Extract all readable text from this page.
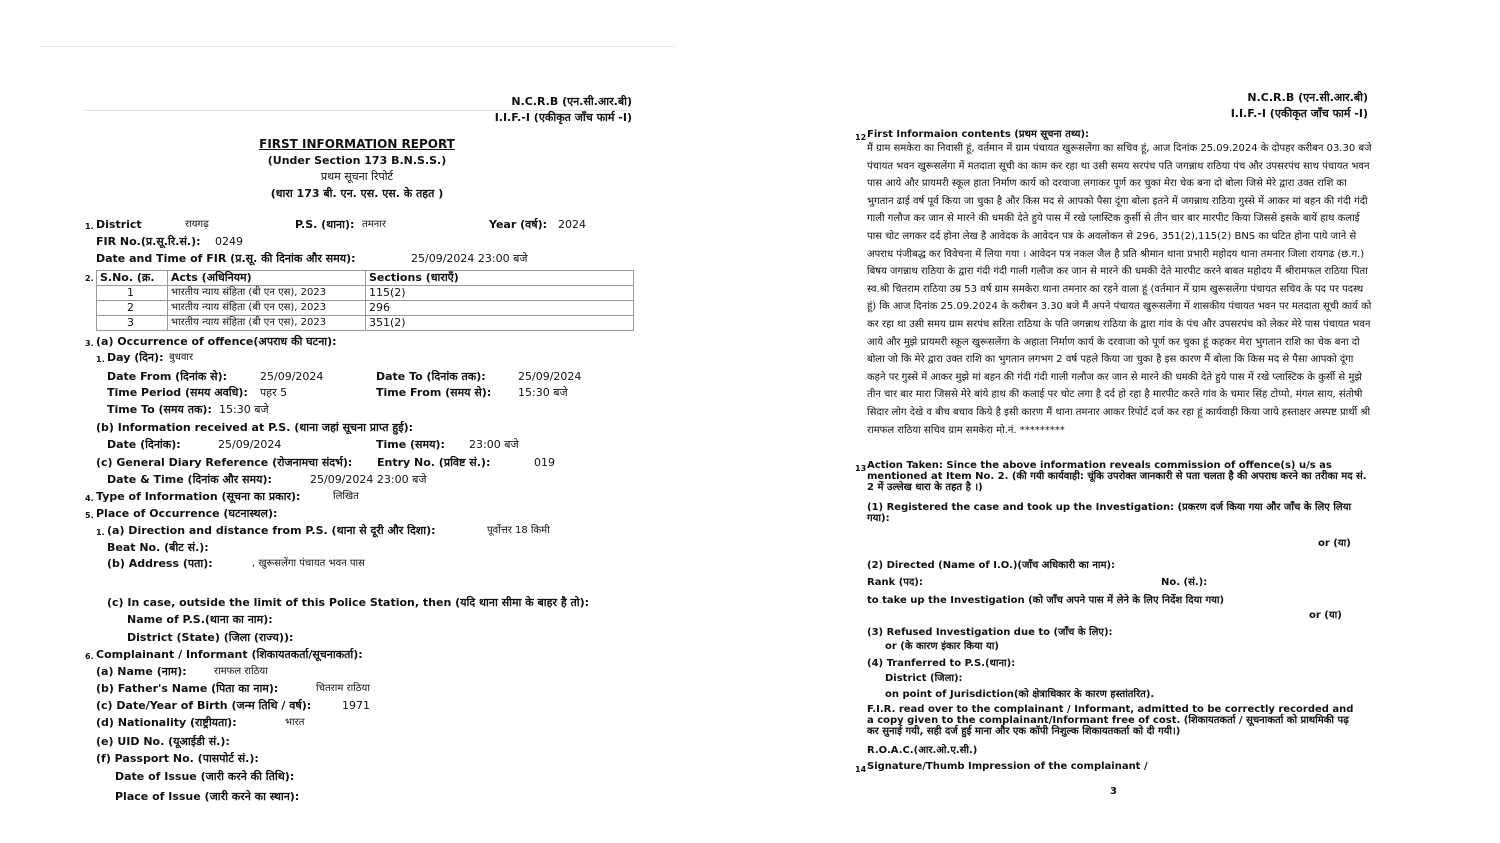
N.C.R.B (एन.सी.आर.बी)
I.I.F.-I (एकीकृत जाँच फार्म -I)
FIRST INFORMATION REPORT
(Under Section 173 B.N.S.S.)
प्रथम सूचना रिपोर्ट
(धारा 173 बी. एन. एस. एस. के तहत )
1. District	रायगढ़	P.S. (थाना): तमनार	Year (वर्ष): 2024
FIR No.(प्र.सू.रि.सं.): 0249
Date and Time of FIR (प्र.सू. की दिनांक और समय):	25/09/2024 23:00 बजे
2. S.No. (क्र.	Acts (अधिनियम)	Sections (धाराएँ)
1	भारतीय न्याय संहिता (बी एन एस), 2023	115(2)
2	भारतीय न्याय संहिता (बी एन एस), 2023	296
3	भारतीय न्याय संहिता (बी एन एस), 2023	351(2)
3. (a) Occurrence of offence(अपराध की घटना):
1. Day (दिन): बुधवार
Date From (दिनांक से):	25/09/2024	Date To (दिनांक तक):	25/09/2024
Time Period (समय अवधि): पहर 5	Time From (समय से): 15:30 बजे
Time To (समय तक): 15:30 बजे
(b) Information received at P.S. (थाना जहां सूचना प्राप्त हुई):
Date (दिनांक):	25/09/2024	Time (समय): 23:00 बजे
(c) General Diary Reference (रोजनामचा संदर्भ): Entry No. (प्रविष्ट सं.):	019
Date & Time (दिनांक और समय):	25/09/2024 23:00 बजे
4. Type of Information (सूचना का प्रकार):	लिखित
5. Place of Occurrence (घटनास्थल):
1. (a) Direction and distance from P.S. (थाना से दूरी और दिशा):	पूर्वोत्तर 18 किमी
Beat No. (बीट सं.):
(b) Address (पता):	, खुरूसलेंगा पंचायत भवन पास
(c) In case, outside the limit of this Police Station, then (यदि थाना सीमा के बाहर है तो):
Name of P.S.(थाना का नाम):
District (State) (जिला (राज्य)):
6. Complainant / Informant (शिकायतकर्ता/सूचनाकर्ता):
(a) Name (नाम):	रामफल राठिया
(b) Father's Name (पिता का नाम):	चितराम राठिया
(c) Date/Year of Birth (जन्म तिथि / वर्ष):	1971
(d) Nationality (राष्ट्रीयता):	भारत
(e) UID No. (यूआईडी सं.):
(f) Passport No. (पासपोर्ट सं.):
Date of Issue (जारी करने की तिथि):
Place of Issue (जारी करने का स्थान):
N.C.R.B (एन.सी.आर.बी)
I.I.F.-I (एकीकृत जाँच फार्म -I)
12 First Informaion contents (प्रथम सूचना तथ्य):
मैं ग्राम समकेरा का निवासी हूं, वर्तमान में ग्राम पंचायत खुरूसलेंगा का सचिव हूं, आज दिनांक 25.09.2024 के दोपहर करीबन 03.30 बजे पंचायत भवन खुरूसलेंगा में मतदाता सूची का काम कर रहा था उसी समय सरपंच पति जगन्नाथ राठिया पंच और उपसरपंच साथ पंचायत भवन पास आये और प्रायमरी स्कूल हाता निर्माण कार्य को दरवाजा लगाकर पूर्ण कर चुका मेरा चेक बना दो बोला जिसे मेरे द्वारा उक्त राशि का भुगतान ढाई वर्ष पूर्व किया जा चुका है और किस मद से आपको पैसा दूंगा बोला इतने में जगन्नाथ राठिया गुस्से में आकर मां बहन की गंदी गंदी गाली गलौज कर जान से मारने की धमकी देते हुये पास में रखे प्लास्टिक कुर्सी से तीन चार बार मारपीट किया जिससे इसके बायें हाथ कलाई पास चोट लगकर दर्द होना लेख है आवेदक के आवेदन पत्र के अवलोकन से 296, 351(2),115(2) BNS का घटित होना पाये जाने से अपराध पंजीबद्ध कर विवेचना में लिया गया । आवेदन पत्र नकल जैल है प्रति श्रीमान थाना प्रभारी महोदय थाना तमनार जिला रायगढ (छ.ग.) बिषय जगन्नाथ राठिया के द्वारा गंदी गंदी गाली गलौज कर जान से मारने की धमकी देते मारपीट करने बाबत महोदय मैं श्रीरामफल राठिया पिता स्व.श्री चितराम राठिया उम्र 53 वर्ष ग्राम समकेरा थाना तमनार का रहने वाला हूं (वर्तमान में ग्राम खुरूसलेंगा पंचायत सचिव के पद पर पदस्थ हूं) कि आज दिनांक 25.09.2024 के करीबन 3.30 बजे मैं अपने पंचायत खुरूसलेंगा में शासकीय पंचायत भवन पर मतदाता सूची कार्य को कर रहा था उसी समय ग्राम सरपंच सरिता राठिया के पति जगन्नाथ राठिया के द्वारा गांव के पंच और उपसरपंच को लेकर मेरे पास पंचायत भवन आये और मुझे प्रायमरी स्कूल खुरूसलेंगा के अहाता निर्माण कार्य के दरवाजा को पूर्ण कर चुका हूं कहकर मेरा भुगतान राशि का चेक बना दो बोला जो कि मेरे द्वारा उक्त राशि का भुगतान लगभग 2 वर्ष पहले किया जा चुका है इस कारण मैं बोला कि किस मद से पैसा आपको दूंगा कहने पर गुस्से में आकर मुझे मां बहन की गंदी गंदी गाली गलौज कर जान से मारने की धमकी देते हुये पास में रखे प्लास्टिक के कुर्सी से मुझे तीन चार बार मारा जिससे मेरे बांये हाथ की कलाई पर चोट लगा है दर्द हो रहा है मारपीट करते गांव के चमार सिंह टोप्पो, मंगल साय, संतोषी सिदार लोग देखे व बीच बचाव किये है इसी कारण मैं थाना तमनार आकर रिपोर्ट दर्ज कर रहा हूं कार्यवाही किया जाये हस्ताक्षर अस्पष्ट प्रार्थी श्री रामफल राठिया सचिव ग्राम समकेरा मो.नं. *********
13 Action Taken: Since the above information reveals commission of offence(s) u/s as mentioned at Item No. 2. (की गयी कार्यवाही: चूंकि उपरोक्त जानकारी से पता चलता है की अपराध करने का तरीका मद सं. 2 में उल्लेख धारा के तहत है ।)
(1) Registered the case and took up the Investigation: (प्रकरण दर्ज किया गया और जाँच के लिए लिया गया):
or (या)
(2) Directed (Name of I.O.)(जाँच अधिकारी का नाम):
Rank (पद):	No. (सं.):
to take up the Investigation (को जाँच अपने पास में लेने के लिए निर्देश दिया गया)
or (या)
(3) Refused Investigation due to (जाँच के लिए):
or (के कारण इंकार किया या)
(4) Tranferred to P.S.(थाना):
District (जिला):
on point of Jurisdiction(को क्षेत्राधिकार के कारण हस्तांतरित).
F.I.R. read over to the complainant / Informant, admitted to be correctly recorded and a copy given to the complainant/Informant free of cost. (शिकायतकर्ता / सूचनाकर्ता को प्राथमिकी पढ़ कर सुनाई गयी, सही दर्ज हुई माना और एक कॉपी निशुल्क शिकायतकर्ता को दी गयी।)
R.O.A.C.(आर.ओ.ए.सी.)
14 Signature/Thumb Impression of the complainant /
3
